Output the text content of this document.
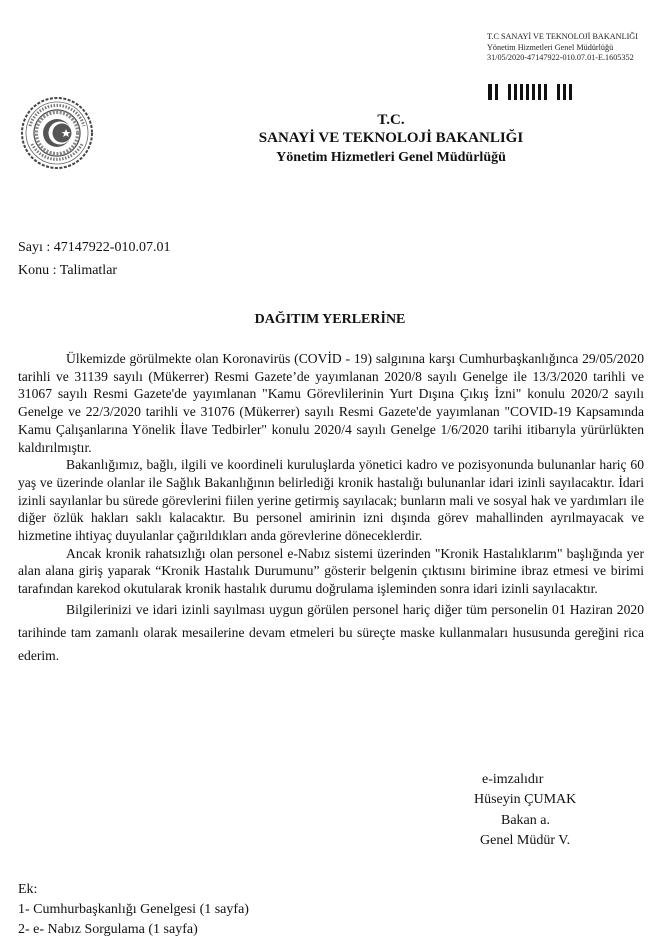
T.C SANAYİ VE TEKNOLOJİ BAKANLIĞI
Yönetim Hizmetleri Genel Müdürlüğü
31/05/2020-47147922-010.07.01-E.1605352
T.C.
SANAYİ VE TEKNOLOJİ BAKANLIĞI
Yönetim Hizmetleri Genel Müdürlüğü
Sayı : 47147922-010.07.01
Konu : Talimatlar
DAĞITIM YERLERİNE

Ülkemizde görülmekte olan Koronavirüs (COVİD - 19) salgınına karşı Cumhurbaşkanlığınca 29/05/2020 tarihli ve 31139 sayılı (Mükerrer) Resmi Gazete’de yayımlanan 2020/8 sayılı Genelge ile 13/3/2020 tarihli ve 31067 sayılı Resmi Gazete'de yayımlanan "Kamu Görevlilerinin Yurt Dışına Çıkış İzni" konulu 2020/2 sayılı Genelge ve 22/3/2020 tarihli ve 31076 (Mükerrer) sayılı Resmi Gazete'de yayımlanan "COVID-19 Kapsamında Kamu Çalışanlarına Yönelik İlave Tedbirler" konulu 2020/4 sayılı Genelge 1/6/2020 tarihi itibarıyla yürürlükten kaldırılmıştır.

Bakanlığımız, bağlı, ilgili ve koordineli kuruluşlarda yönetici kadro ve pozisyonunda bulunanlar hariç 60 yaş ve üzerinde olanlar ile Sağlık Bakanlığının belirlediği kronik hastalığı bulunanlar idari izinli sayılacaktır. İdari izinli sayılanlar bu sürede görevlerini fiilen yerine getirmiş sayılacak; bunların mali ve sosyal hak ve yardımları ile diğer özlük hakları saklı kalacaktır. Bu personel amirinin izni dışında görev mahallinden ayrılmayacak ve hizmetine ihtiyaç duyulanlar çağırıldıkları anda görevlerine döneceklerdir.

Ancak kronik rahatsızlığı olan personel e-Nabız sistemi üzerinden "Kronik Hastalıklarım" başlığında yer alan alana giriş yaparak “Kronik Hastalık Durumunu” gösterir belgenin çıktısını birimine ibraz etmesi ve birimi tarafından karekod okutularak kronik hastalık durumu doğrulama işleminden sonra idari izinli sayılacaktır.

Bilgilerinizi ve idari izinli sayılması uygun görülen personel hariç diğer tüm personelin 01 Haziran 2020 tarihinde tam zamanlı olarak mesailerine devam etmeleri bu süreçte maske kullanmaları hususunda gereğini rica ederim.

e-imzalıdır
Hüseyin ÇUMAK
Bakan a.
Genel Müdür V.
Ek:
1- Cumhurbaşkanlığı Genelgesi (1 sayfa)
2- e- Nabız Sorgulama (1 sayfa)
